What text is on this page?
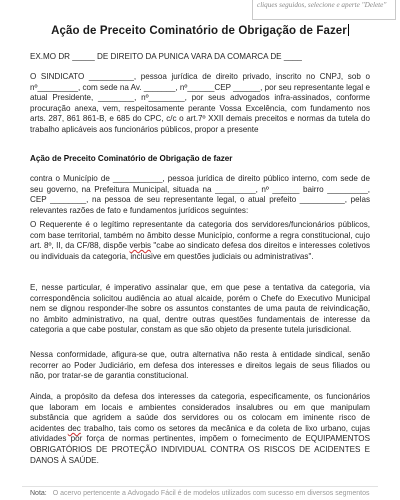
cliques seguidos, selecione e aperte "Delete"
Ação de Preceito Cominatório de Obrigação de Fazer

EX.MO DR _____ DE DIREITO DA PUNICA VARA DA COMARCA DE ____

O SINDICATO __________, pessoa jurídica de direito privado, inscrito no CNPJ, sob o nº_________, com sede na Av. _______, nº______CEP ______, por seu representante legal e atual Presidente, ________, nº________, por seus advogados infra-assinados, conforme procuração anexa, vem, respeitosamente perante Vossa Excelência, com fundamento nos arts. 287, 861 861-B, e 685 do CPC, c/c o art.7º XXII demais preceitos e normas da tutela do trabalho aplicáveis aos funcionários públicos, propor a presente

Ação de Preceito Cominatório de Obrigação de fazer

contra o Município de ___________, pessoa jurídica de direito público interno, com sede de seu governo, na Prefeitura Municipal, situada na _________, nº ______ bairro _________, CEP ________, na pessoa de seu representante legal, o atual prefeito __________, pelas relevantes razões de fato e fundamentos jurídicos seguintes:

O Requerente é o legítimo representante da categoria dos servidores/funcionários públicos, com base territorial, também no âmbito desse Município, conforme a regra constitucional, cujo art. 8º, II, da CF/88, dispõe verbis "cabe ao sindicato defesa dos direitos e interesses coletivos ou individuais da categoria, inclusive em questões judiciais ou administrativas".

E, nesse particular, é imperativo assinalar que, em que pese a tentativa da categoria, via correspondência solicitou audiência ao atual alcaide, porém o Chefe do Executivo Municipal nem se dignou responder-lhe sobre os assuntos constantes de uma pauta de reivindicação, no âmbito administrativo, na qual, dentre outras questões fundamentais de interesse da categoria a que cabe postular, constam as que são objeto da presente tutela jurisdicional.

Nessa conformidade, afigura-se que, outra alternativa não resta à entidade sindical, senão recorrer ao Poder Judiciário, em defesa dos interesses e direitos legais de seus filiados ou não, por tratar-se de garantia constitucional.

Ainda, a propósito da defesa dos interesses da categoria, especificamente, os funcionários que laboram em locais e ambientes considerados insalubres ou em que manipulam substância que agridem a saúde dos servidores ou os colocam em iminente risco de acidentes dec trabalho, tais como os setores da mecânica e da coleta de lixo urbano, cujas atividades por força de normas pertinentes, impõem o fornecimento de EQUIPAMENTOS OBRIGATÓRIOS DE PROTEÇÃO INDIVIDUAL CONTRA OS RISCOS DE ACIDENTES E DANOS À SAÚDE.

Nota: O acervo pertencente a Advogado Fácil é de modelos utilizados com sucesso em diversos segmentos
